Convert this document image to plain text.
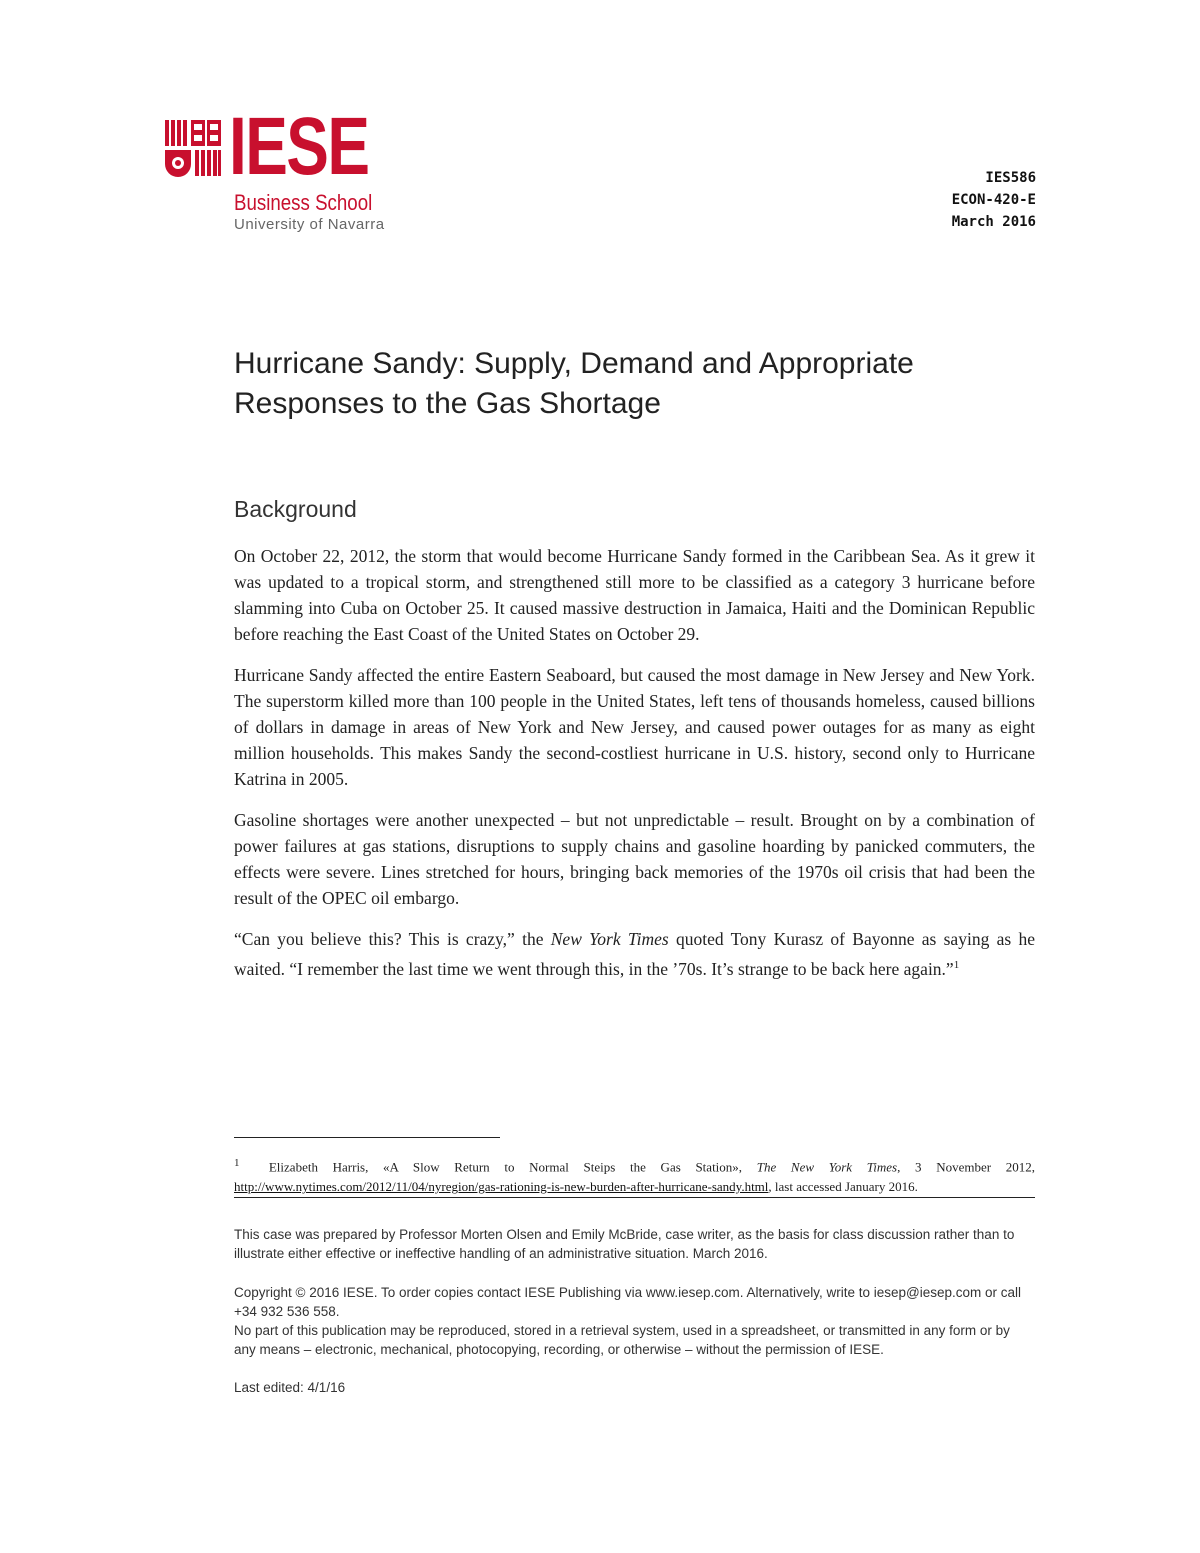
IESE
Business School
University of Navarra
IES586
ECON-420-E
March 2016
Hurricane Sandy: Supply, Demand and Appropriate
Responses to the Gas Shortage
Background

On October 22, 2012, the storm that would become Hurricane Sandy formed in the Caribbean Sea. As it grew it was updated to a tropical storm, and strengthened still more to be classified as a category 3 hurricane before slamming into Cuba on October 25. It caused massive destruction in Jamaica, Haiti and the Dominican Republic before reaching the East Coast of the United States on October 29.

Hurricane Sandy affected the entire Eastern Seaboard, but caused the most damage in New Jersey and New York. The superstorm killed more than 100 people in the United States, left tens of thousands homeless, caused billions of dollars in damage in areas of New York and New Jersey, and caused power outages for as many as eight million households. This makes Sandy the second-costliest hurricane in U.S. history, second only to Hurricane Katrina in 2005.

Gasoline shortages were another unexpected – but not unpredictable – result. Brought on by a combination of power failures at gas stations, disruptions to supply chains and gasoline hoarding by panicked commuters, the effects were severe. Lines stretched for hours, bringing back memories of the 1970s oil crisis that had been the result of the OPEC oil embargo.

“Can you believe this? This is crazy,” the New York Times quoted Tony Kurasz of Bayonne as saying as he waited. “I remember the last time we went through this, in the ’70s. It’s strange to be back here again.”$^1$

$^1$ Elizabeth Harris, «A Slow Return to Normal Steips the Gas Station», The New York Times, 3 November 2012, http://www.nytimes.com/2012/11/04/nyregion/gas-rationing-is-new-burden-after-hurricane-sandy.html, last accessed January 2016.

This case was prepared by Professor Morten Olsen and Emily McBride, case writer, as the basis for class discussion rather than to illustrate either effective or ineffective handling of an administrative situation. March 2016.

Copyright © 2016 IESE. To order copies contact IESE Publishing via www.iesep.com. Alternatively, write to iesep@iesep.com or call +34 932 536 558.

No part of this publication may be reproduced, stored in a retrieval system, used in a spreadsheet, or transmitted in any form or by any means – electronic, mechanical, photocopying, recording, or otherwise – without the permission of IESE.

Last edited: 4/1/16
